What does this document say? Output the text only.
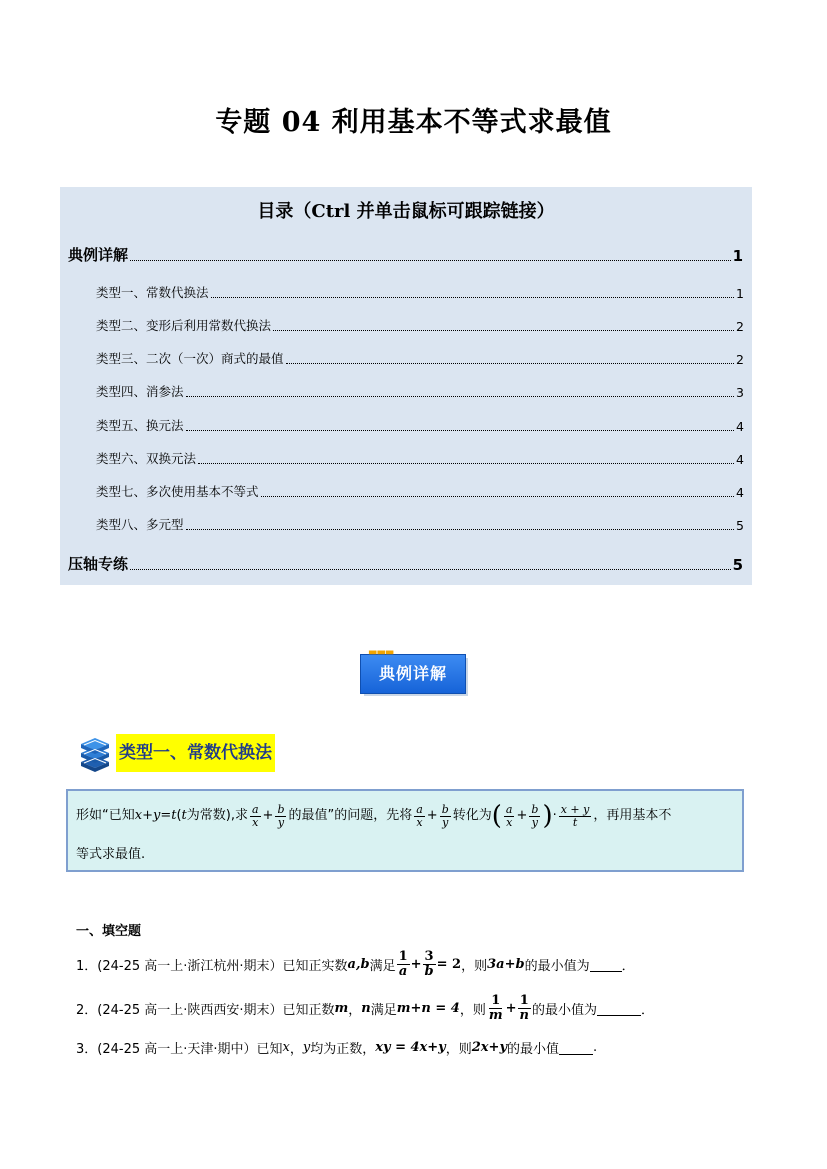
专题 04 利用基本不等式求最值
目录（Ctrl 并单击鼠标可跟踪链接）
典例详解	1
类型一、常数代换法	1
类型二、变形后利用常数代换法	2
类型三、二次（一次）商式的最值	2
类型四、消参法	3
类型五、换元法	4
类型六、双换元法	4
类型七、多次使用基本不等式	4
类型八、多元型	5
压轴专练	5
典例详解
▬▬▬
类型一、常数代换法
形如“已知 x+y=t ( t 为常数),求 $\frac{a}{x} + \frac{b}{y}$ 的最值”的问题，先将 $\frac{a}{x} + \frac{b}{y}$ 转化为 ( $\frac{a}{x} + \frac{b}{y}$ ) · $\frac{x + y}{t}$ ，再用基本不
等式求最值.
一、填空题
1．(24-25 高一上·浙江杭州·期末）已知正实数 a,b 满足 $\frac{1}{a} + \frac{3}{b} = 2$ ，则 3a+b 的最小值为 ．
2．(24-25 高一上·陕西西安·期末）已知正数 m ， n 满足 m+n = 4 ，则 $\frac{1}{m} + \frac{1}{n}$ 的最小值为	．
3．(24-25 高一上·天津·期中）已知 x ， y 均为正数， xy = 4x+y ，则 2x+y 的最小值	.
